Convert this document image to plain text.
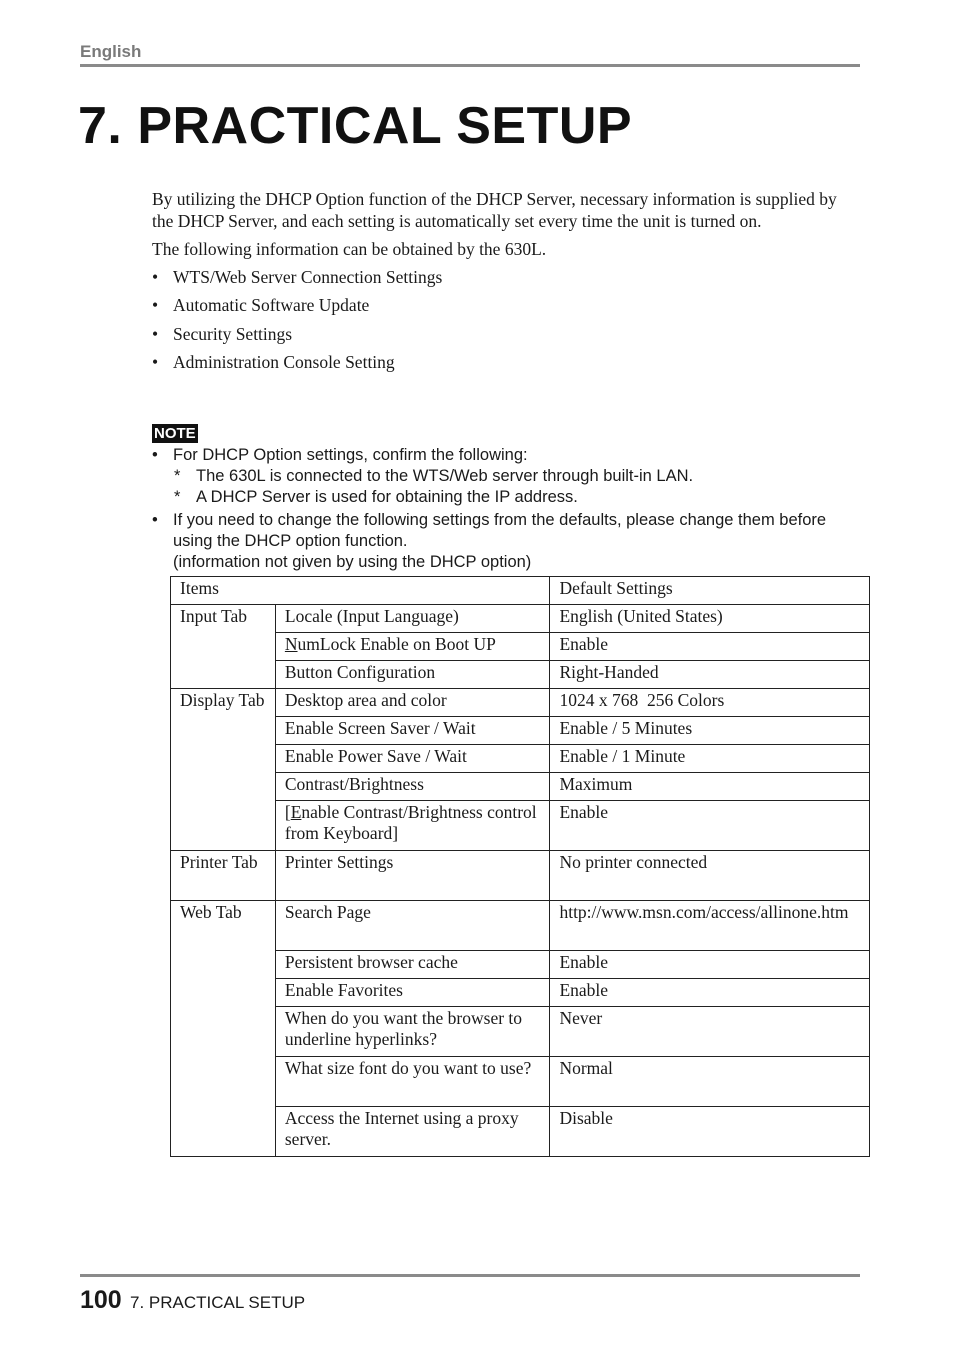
English
7. PRACTICAL SETUP

By utilizing the DHCP Option function of the DHCP Server, necessary information is supplied by the DHCP Server, and each setting is automatically set every time the unit is turned on.

The following information can be obtained by the 630L.

• WTS/Web Server Connection Settings
• Automatic Software Update
• Security Settings
• Administration Console Setting
NOTE
• For DHCP Option settings, confirm the following:
* The 630L is connected to the WTS/Web server through built-in LAN.
* A DHCP Server is used for obtaining the IP address.
• If you need to change the following settings from the defaults, please change them before using the DHCP option function.
(information not given by using the DHCP option)
Items		Default Settings
Input Tab	Locale (Input Language)	English (United States)
	NumLock Enable on Boot UP	Enable
	Button Configuration	Right-Handed
Display Tab	Desktop area and color	1024 x 768  256 Colors
	Enable Screen Saver / Wait	Enable / 5 Minutes
	Enable Power Save / Wait	Enable / 1 Minute
	Contrast/Brightness	Maximum
	[Enable Contrast/Brightness control from Keyboard]	Enable
Printer Tab	Printer Settings	No printer connected
Web Tab	Search Page	http://www.msn.com/access/allinone.htm
	Persistent browser cache	Enable
	Enable Favorites	Enable
	When do you want the browser to underline hyperlinks?	Never
	What size font do you want to use?	Normal
	Access the Internet using a proxy server.	Disable
100 7. PRACTICAL SETUP
